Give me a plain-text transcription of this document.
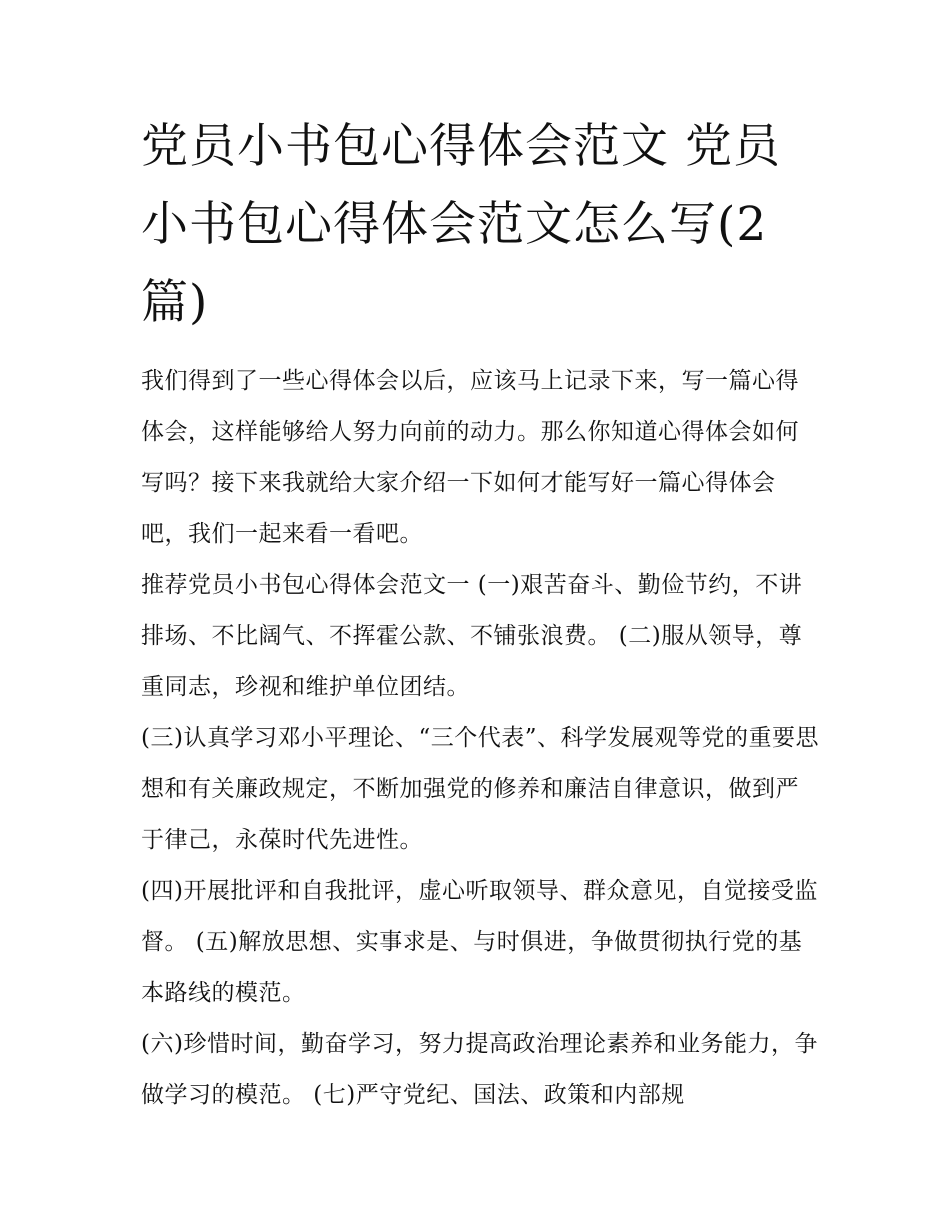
党员小书包心得体会范文 党员小书包心得体会范文怎么写(2篇)

我们得到了一些心得体会以后，应该马上记录下来，写一篇心得体会，这样能够给人努力向前的动力。那么你知道心得体会如何写吗？接下来我就给大家介绍一下如何才能写好一篇心得体会吧，我们一起来看一看吧。

推荐党员小书包心得体会范文一 (一)艰苦奋斗、勤俭节约，不讲排场、不比阔气、不挥霍公款、不铺张浪费。 (二)服从领导，尊重同志，珍视和维护单位团结。

(三)认真学习邓小平理论、“三个代表”、科学发展观等党的重要思想和有关廉政规定，不断加强党的修养和廉洁自律意识，做到严于律己，永葆时代先进性。

(四)开展批评和自我批评，虚心听取领导、群众意见，自觉接受监督。 (五)解放思想、实事求是、与时俱进，争做贯彻执行党的基本路线的模范。

(六)珍惜时间，勤奋学习，努力提高政治理论素养和业务能力，争做学习的模范。 (七)严守党纪、国法、政策和内部规
